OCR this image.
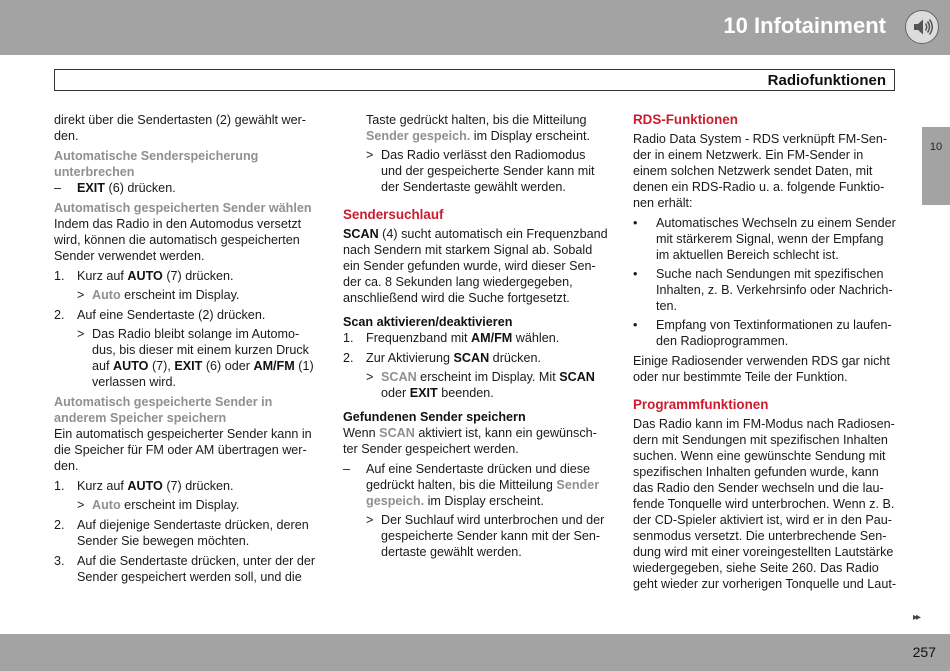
10 Infotainment
Radiofunktionen
10

direkt über die Sendertasten (2) gewählt wer-den.

Automatische Senderspeicherung unterbrechen

– EXIT (6) drücken.

Automatisch gespeicherten Sender wählen

Indem das Radio in den Automodus versetzt wird, können die automatisch gespeicherten Sender verwendet werden.

1. Kurz auf AUTO (7) drücken.

> Auto erscheint im Display.

2. Auf eine Sendertaste (2) drücken.

> Das Radio bleibt solange im Automo-dus, bis dieser mit einem kurzen Druck auf AUTO (7), EXIT (6) oder AM/FM (1) verlassen wird.

Automatisch gespeicherte Sender in anderem Speicher speichern

Ein automatisch gespeicherter Sender kann in die Speicher für FM oder AM übertragen wer-den.

1. Kurz auf AUTO (7) drücken.

> Auto erscheint im Display.

2. Auf diejenige Sendertaste drücken, deren Sender Sie bewegen möchten.

3. Auf die Sendertaste drücken, unter der der Sender gespeichert werden soll, und die

Taste gedrückt halten, bis die Mitteilung Sender gespeich. im Display erscheint.

> Das Radio verlässt den Radiomodus und der gespeicherte Sender kann mit der Sendertaste gewählt werden.

Sendersuchlauf

SCAN (4) sucht automatisch ein Frequenzband nach Sendern mit starkem Signal ab. Sobald ein Sender gefunden wurde, wird dieser Sen-der ca. 8 Sekunden lang wiedergegeben, anschließend wird die Suche fortgesetzt.

Scan aktivieren/deaktivieren

1. Frequenzband mit AM/FM wählen.

2. Zur Aktivierung SCAN drücken.

> SCAN erscheint im Display. Mit SCAN oder EXIT beenden.

Gefundenen Sender speichern

Wenn SCAN aktiviert ist, kann ein gewünsch-ter Sender gespeichert werden.

– Auf eine Sendertaste drücken und diese gedrückt halten, bis die Mitteilung Sender gespeich. im Display erscheint.

> Der Suchlauf wird unterbrochen und der gespeicherte Sender kann mit der Sen-dertaste gewählt werden.

RDS-Funktionen

Radio Data System - RDS verknüpft FM-Sen-der in einem Netzwerk. Ein FM-Sender in einem solchen Netzwerk sendet Daten, mit denen ein RDS-Radio u. a. folgende Funktio-nen erhält:

• Automatisches Wechseln zu einem Sender mit stärkerem Signal, wenn der Empfang im aktuellen Bereich schlecht ist.

• Suche nach Sendungen mit spezifischen Inhalten, z. B. Verkehrsinfo oder Nachrich-ten.

• Empfang von Textinformationen zu laufen-den Radioprogrammen.

Einige Radiosender verwenden RDS gar nicht oder nur bestimmte Teile der Funktion.

Programmfunktionen

Das Radio kann im FM-Modus nach Radiosen-dern mit Sendungen mit spezifischen Inhalten suchen. Wenn eine gewünschte Sendung mit spezifischen Inhalten gefunden wurde, kann das Radio den Sender wechseln und die lau-fende Tonquelle wird unterbrochen. Wenn z. B. der CD-Spieler aktiviert ist, wird er in den Pau-senmodus versetzt. Die unterbrechende Sen-dung wird mit einer voreingestellten Lautstärke wiedergegeben, siehe Seite 260. Das Radio geht wieder zur vorherigen Tonquelle und Laut-

▸▸
257
